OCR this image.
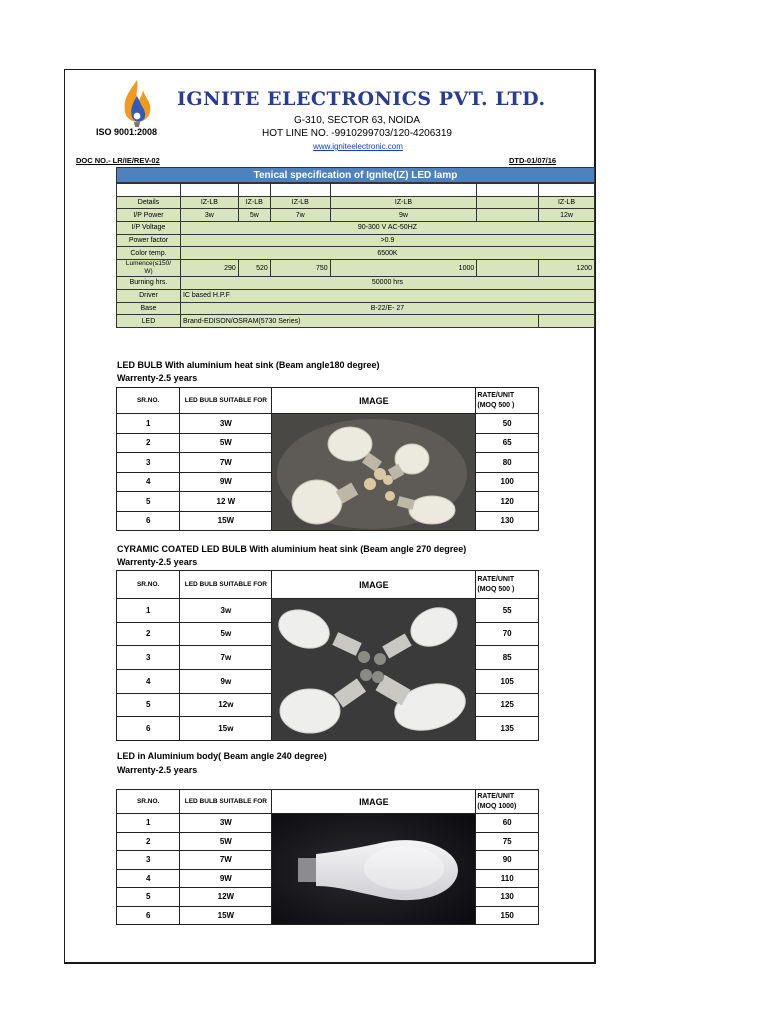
ISO 9001:2008
IGNITE ELECTRONICS PVT. LTD.
G-310, SECTOR 63, NOIDA
HOT LINE NO. -9910299703/120-4206319
www.igniteelectronic.com
DOC NO.- LR/IE/REV-02	DTD-01/07/16
Tenical specification of Ignite(IZ) LED lamp

Details	IZ-LB	IZ-LB	IZ-LB	IZ-LB		IZ-LB
I/P Power	3w	5w	7w	9w		12w
I/P Voltage	90-300 V AC-50HZ					
Power factor	>0.9					
Color temp.	6500K					

Lumence(≤150/
W)	290	520	750	1000		1200
Burning hrs.	50000 hrs					
Driver	IC based H.P.F					
Base	B-22/E- 27					
LED	Brand-EDISON/OSRAM(5730 Series)					
LED BULB With aluminium heat sink (Beam angle180 degree)
Warrenty-2.5 years
SR.NO.	LED BULB SUITABLE FOR	IMAGE	RATE/UNIT
(MOQ 500 )

1	3W		50
2	5W		65
3	7W		80
4	9W		100
5	12 W		120
6	15W		130
CYRAMIC COATED LED BULB With aluminium heat sink (Beam angle 270 degree)
Warrenty-2.5 years
SR.NO.	LED BULB SUITABLE FOR	IMAGE	RATE/UNIT
(MOQ 500 )

1	3w		55
2	5w		70
3	7w		85
4	9w		105
5	12w		125
6	15w		135
LED in Aluminium body( Beam angle 240 degree)
Warrenty-2.5 years
SR.NO.	LED BULB SUITABLE FOR	IMAGE	RATE/UNIT
(MOQ 1000)

1	3W		60
2	5W		75
3	7W		90
4	9W		110
5	12W		130
6	15W		150
